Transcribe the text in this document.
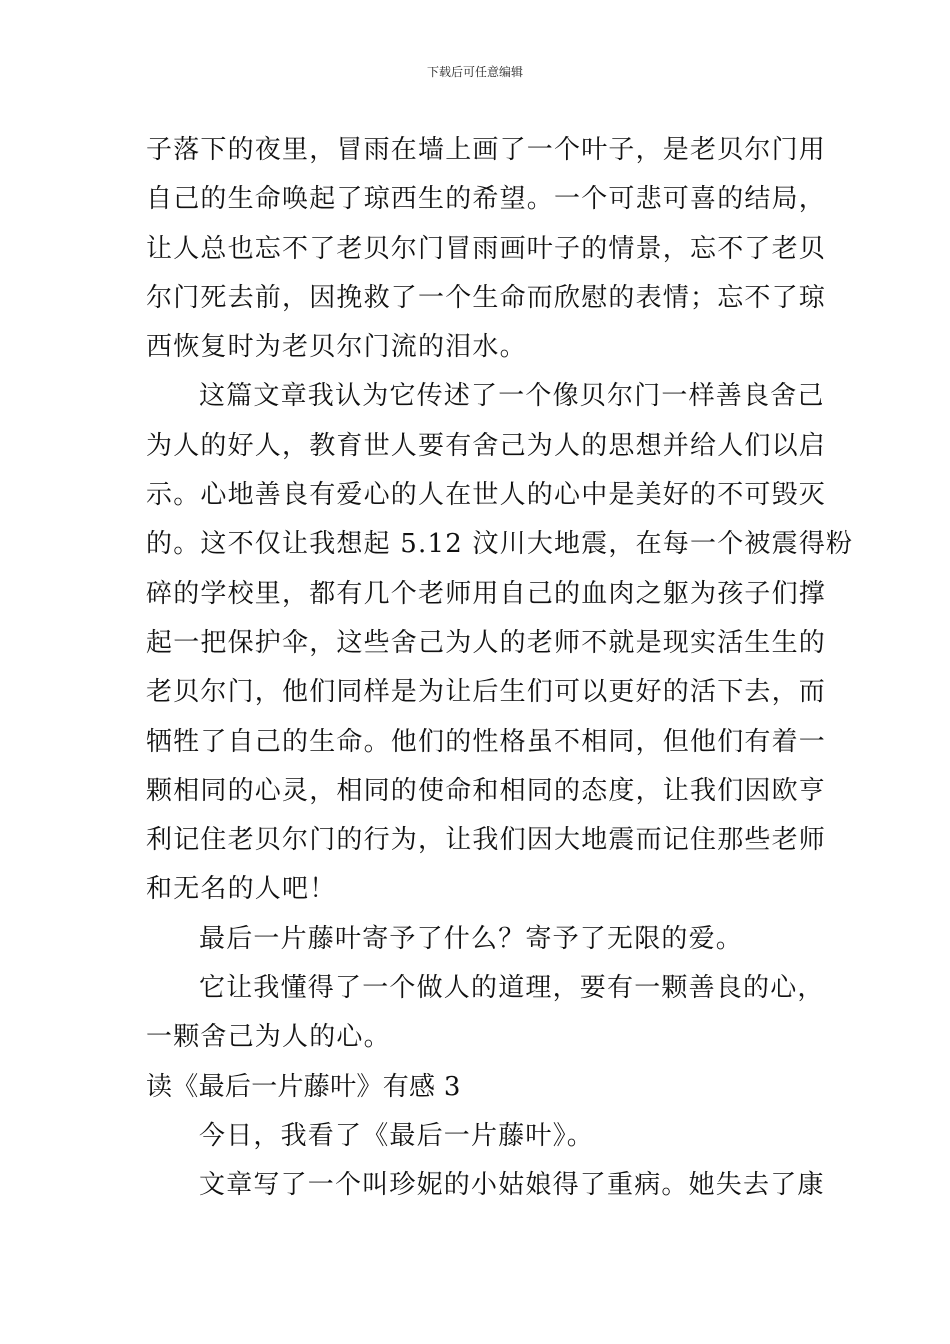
下载后可任意编辑
子落下的夜里，冒雨在墙上画了一个叶子，是老贝尔门用
自己的生命唤起了琼西生的希望。一个可悲可喜的结局，
让人总也忘不了老贝尔门冒雨画叶子的情景，忘不了老贝
尔门死去前，因挽救了一个生命而欣慰的表情；忘不了琼
西恢复时为老贝尔门流的泪水。
这篇文章我认为它传述了一个像贝尔门一样善良舍己
为人的好人，教育世人要有舍己为人的思想并给人们以启
示。心地善良有爱心的人在世人的心中是美好的不可毁灭
的。这不仅让我想起 5.12 汶川大地震，在每一个被震得粉
碎的学校里，都有几个老师用自己的血肉之躯为孩子们撑
起一把保护伞，这些舍己为人的老师不就是现实活生生的
老贝尔门，他们同样是为让后生们可以更好的活下去，而
牺牲了自己的生命。他们的性格虽不相同，但他们有着一
颗相同的心灵，相同的使命和相同的态度，让我们因欧亨
利记住老贝尔门的行为，让我们因大地震而记住那些老师
和无名的人吧！
最后一片藤叶寄予了什么？寄予了无限的爱。
它让我懂得了一个做人的道理，要有一颗善良的心，
一颗舍己为人的心。
读《最后一片藤叶》有感 3
今日，我看了《最后一片藤叶》。
文章写了一个叫珍妮的小姑娘得了重病。她失去了康
